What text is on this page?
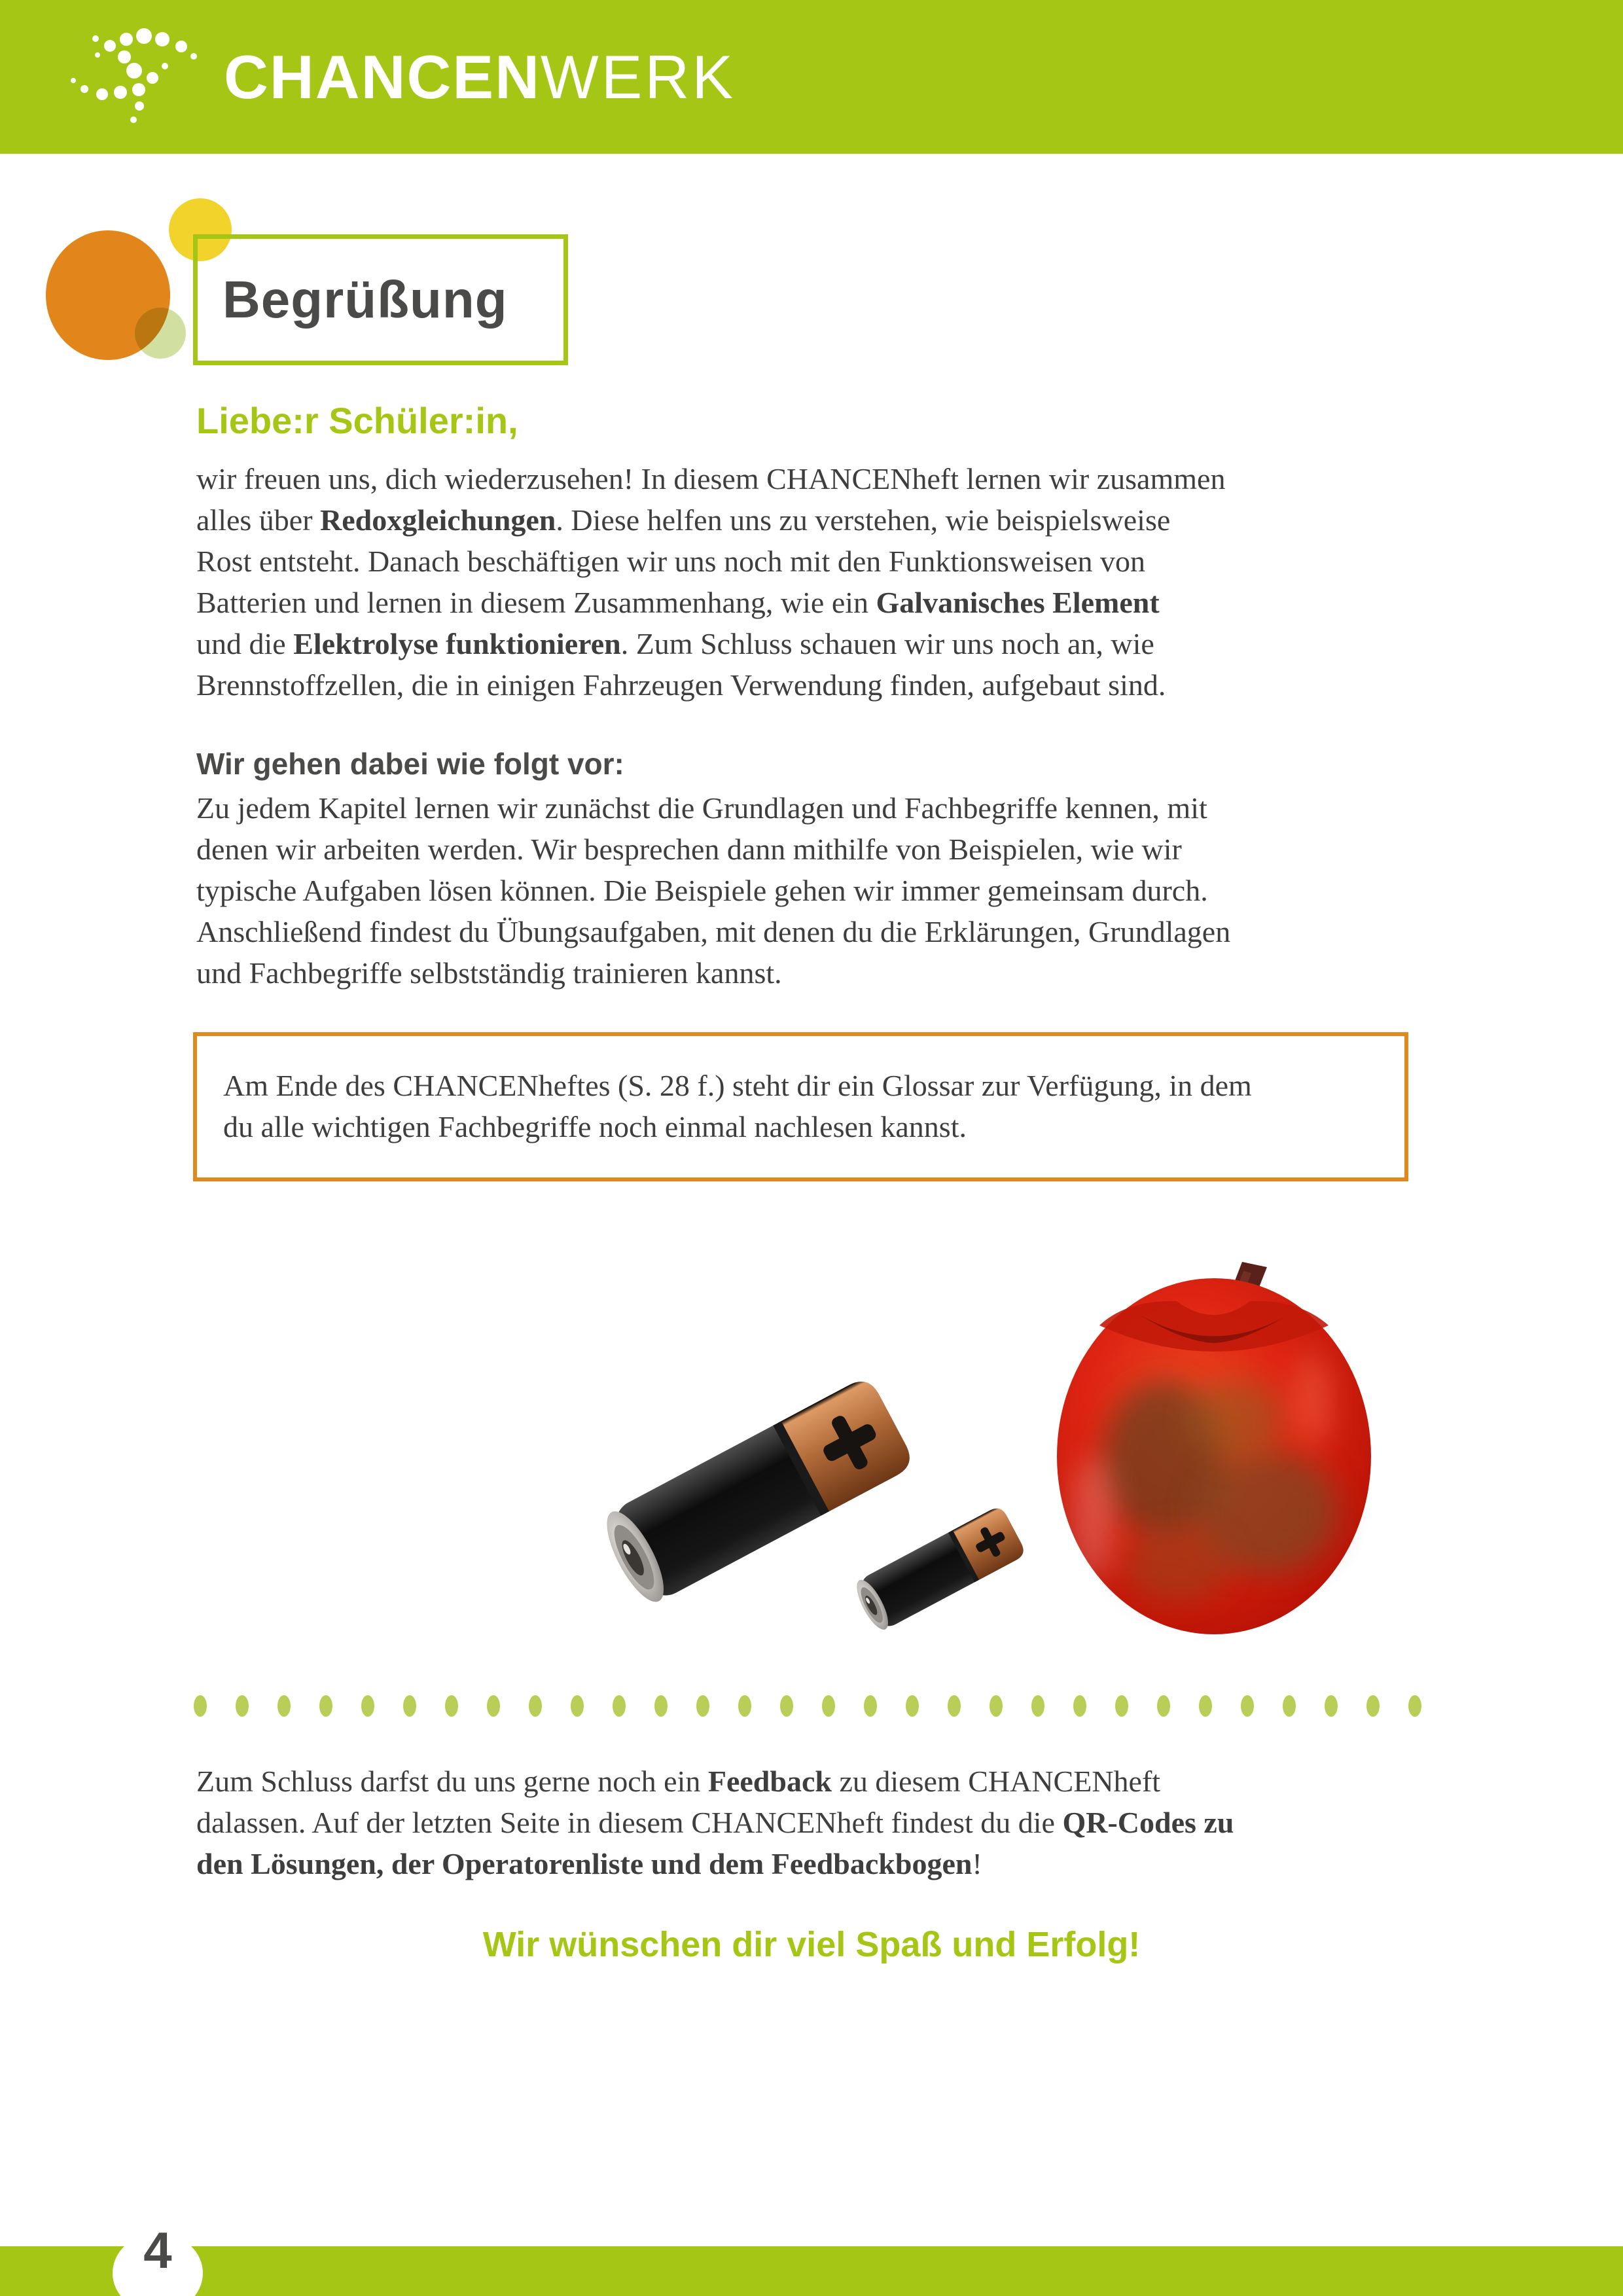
CHANCEN WERK
Begrüßung
Liebe:r Schüler:in,
wir freuen uns, dich wiederzusehen! In diesem CHANCENheft lernen wir zusammen
alles über Redoxgleichungen. Diese helfen uns zu verstehen, wie beispielsweise
Rost entsteht. Danach beschäftigen wir uns noch mit den Funktionsweisen von
Batterien und lernen in diesem Zusammenhang, wie ein Galvanisches Element
und die Elektrolyse funktionieren. Zum Schluss schauen wir uns noch an, wie
Brennstoffzellen, die in einigen Fahrzeugen Verwendung finden, aufgebaut sind.
Wir gehen dabei wie folgt vor:
Zu jedem Kapitel lernen wir zunächst die Grundlagen und Fachbegriffe kennen, mit
denen wir arbeiten werden. Wir besprechen dann mithilfe von Beispielen, wie wir
typische Aufgaben lösen können. Die Beispiele gehen wir immer gemeinsam durch.
Anschließend findest du Übungsaufgaben, mit denen du die Erklärungen, Grundlagen
und Fachbegriffe selbstständig trainieren kannst.
Am Ende des CHANCENheftes (S. 28 f.) steht dir ein Glossar zur Verfügung, in dem
du alle wichtigen Fachbegriffe noch einmal nachlesen kannst.
Zum Schluss darfst du uns gerne noch ein Feedback zu diesem CHANCENheft
dalassen. Auf der letzten Seite in diesem CHANCENheft findest du die QR-Codes zu
den Lösungen, der Operatorenliste und dem Feedbackbogen!
Wir wünschen dir viel Spaß und Erfolg!
4
